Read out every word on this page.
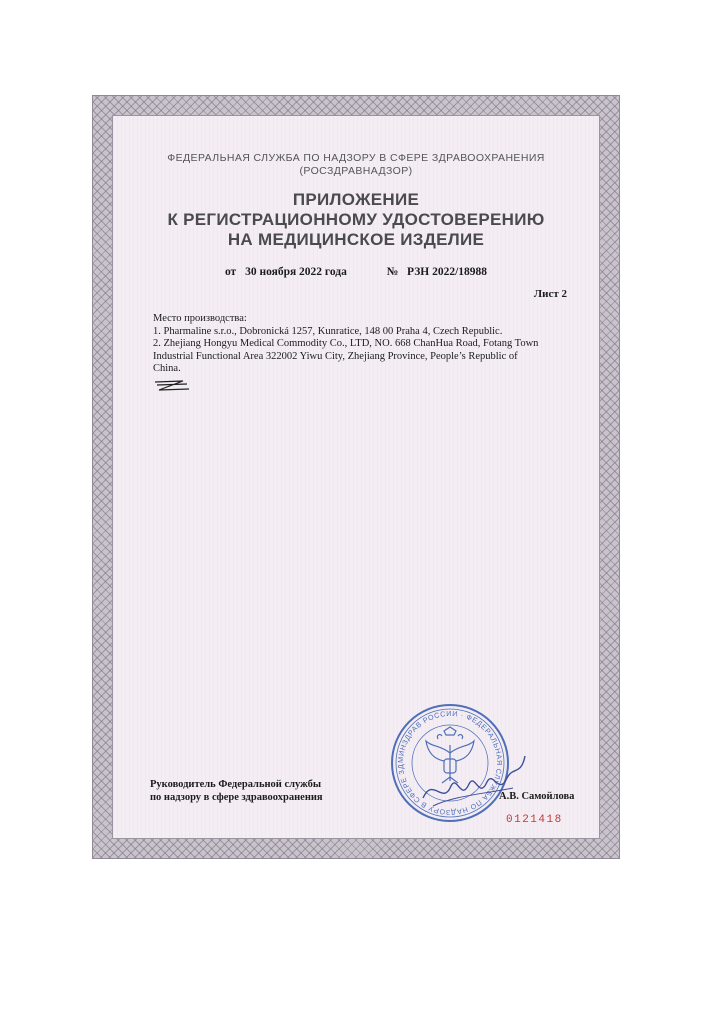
ФЕДЕРАЛЬНАЯ СЛУЖБА ПО НАДЗОРУ В СФЕРЕ ЗДРАВООХРАНЕНИЯ
(РОСЗДРАВНАДЗОР)
ПРИЛОЖЕНИЕ
К РЕГИСТРАЦИОННОМУ УДОСТОВЕРЕНИЮ
НА МЕДИЦИНСКОЕ ИЗДЕЛИЕ
от 30 ноября 2022 года	№ РЗН 2022/18988
Лист 2

Место производства:

1. Pharmaline s.r.o., Dobronická 1257, Kunratice, 148 00 Praha 4, Czech Republic.

2. Zhejiang Hongyu Medical Commodity Co., LTD, NO. 668 ChanHua Road, Fotang Town

Industrial Functional Area 322002 Yiwu City, Zhejiang Province, People’s Republic of

China.

МИНЗДРАВ РОССИИ · ФЕДЕРАЛЬНАЯ СЛУЖБА ПО НАДЗОРУ В СФЕРЕ ЗД
Руководитель Федеральной службы
по надзору в сфере здравоохранения	А.В. Самойлова
0121418
